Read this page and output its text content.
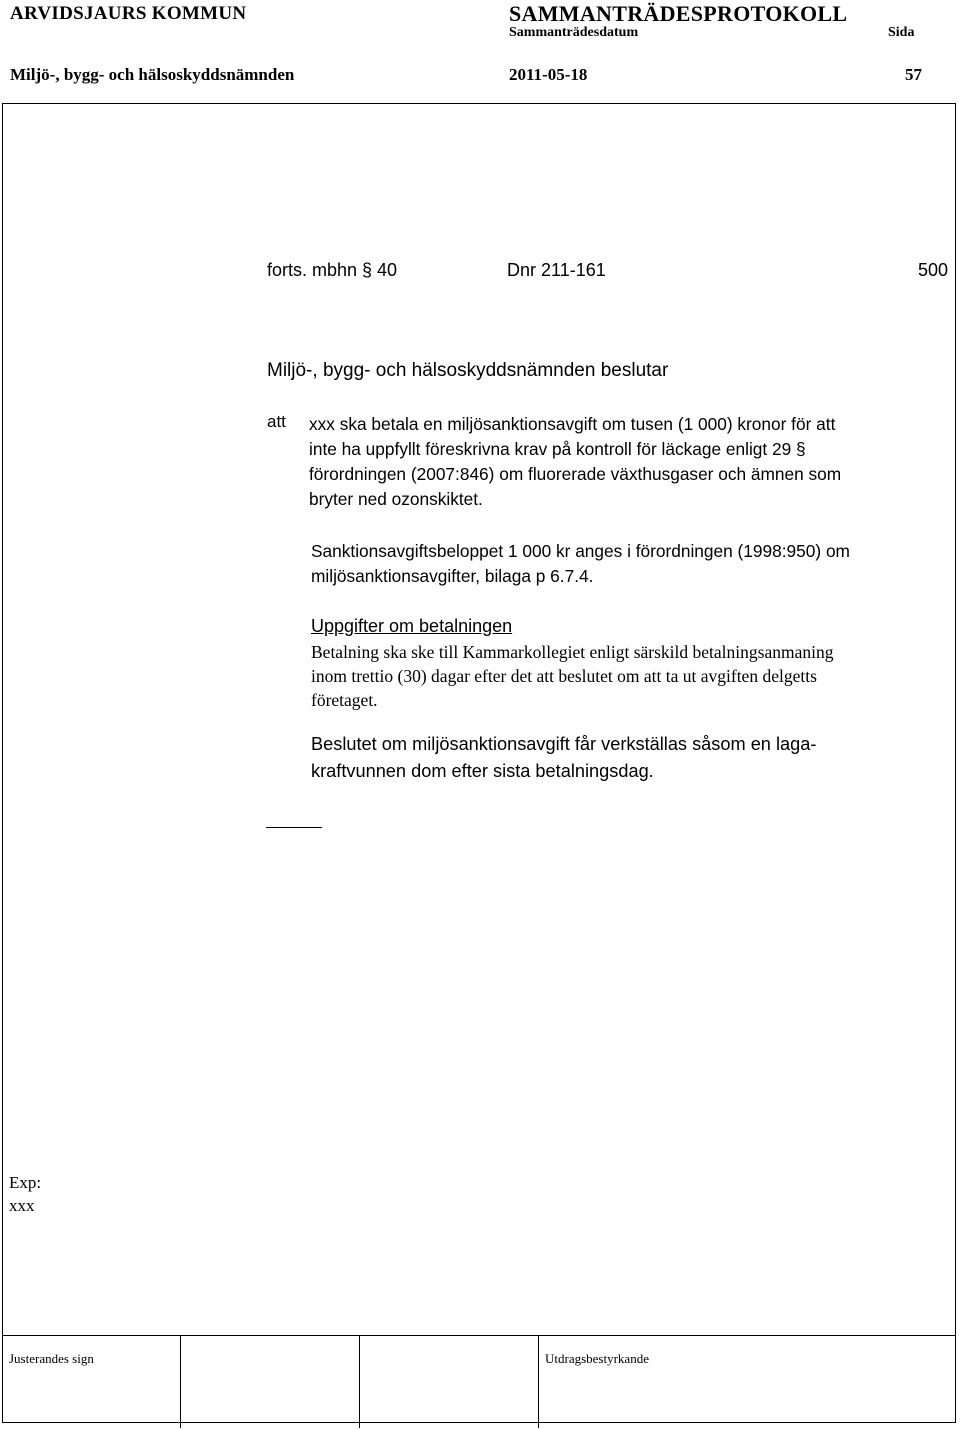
ARVIDSJAURS KOMMUN	SAMMANTRÄDESPROTOKOLL
Sammanträdesdatum	Sida
Miljö-, bygg- och hälsoskyddsnämnden	2011-05-18	57
forts. mbhn § 40	Dnr 211-161	500
Miljö-, bygg- och hälsoskyddsnämnden beslutar
att xxx ska betala en miljösanktionsavgift om tusen (1 000) kronor för att
inte ha uppfyllt föreskrivna krav på kontroll för läckage enligt 29 §
förordningen (2007:846) om fluorerade växthusgaser och ämnen som
bryter ned ozonskiktet.
Sanktionsavgiftsbeloppet 1 000 kr anges i förordningen (1998:950) om
miljösanktionsavgifter, bilaga p 6.7.4.
Uppgifter om betalningen
Betalning ska ske till Kammarkollegiet enligt särskild betalningsanmaning
inom trettio (30) dagar efter det att beslutet om att ta ut avgiften delgetts
företaget.
Beslutet om miljösanktionsavgift får verkställas såsom en laga-
kraftvunnen dom efter sista betalningsdag.
Exp:
xxx
Justerandes sign	Utdragsbestyrkande
